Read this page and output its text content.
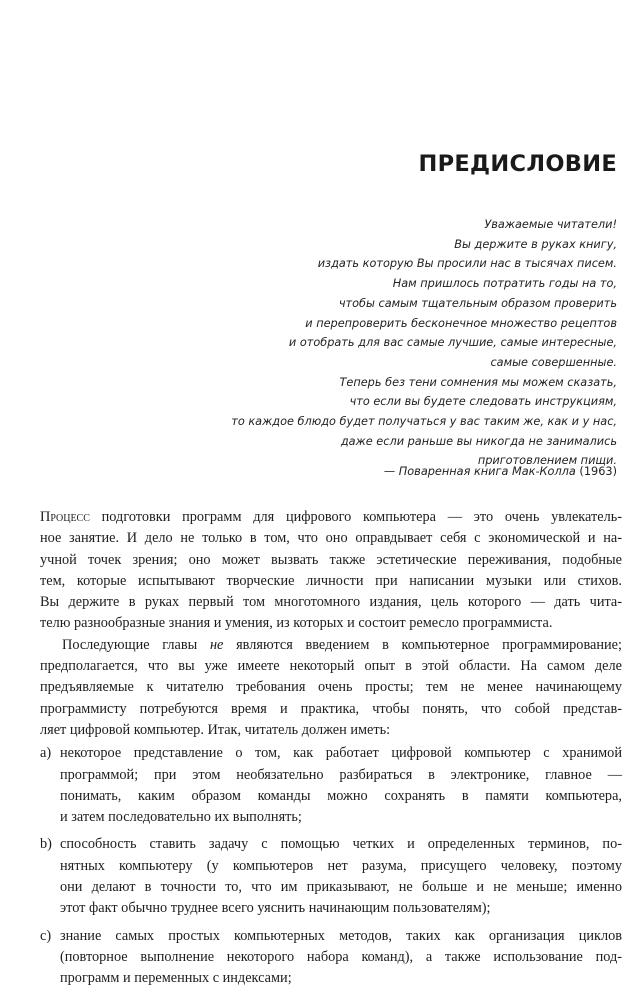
ПРЕДИСЛОВИЕ
Уважаемые читатели!
Вы держите в руках книгу,
издать которую Вы просили нас в тысячах писем.
Нам пришлось потратить годы на то,
чтобы самым тщательным образом проверить
и перепроверить бесконечное множество рецептов
и отобрать для вас самые лучшие, самые интересные,
самые совершенные.
Теперь без тени сомнения мы можем сказать,
что если вы будете следовать инструкциям,
то каждое блюдо будет получаться у вас таким же, как и у нас,
даже если раньше вы никогда не занимались
приготовлением пищи.
— Поваренная книга Мак-Колла (1963)
Процесс подготовки программ для цифрового компьютера — это очень увлекатель-
ное занятие. И дело не только в том, что оно оправдывает себя с экономической и на-
учной точек зрения; оно может вызвать также эстетические переживания, подобные
тем, которые испытывают творческие личности при написании музыки или стихов.
Вы держите в руках первый том многотомного издания, цель которого — дать чита-
телю разнообразные знания и умения, из которых и состоит ремесло программиста.
Последующие главы не являются введением в компьютерное программирование;
предполагается, что вы уже имеете некоторый опыт в этой области. На самом деле
предъявляемые к читателю требования очень просты; тем не менее начинающему
программисту потребуются время и практика, чтобы понять, что собой представ-
ляет цифровой компьютер. Итак, читатель должен иметь:
a) некоторое представление о том, как работает цифровой компьютер с хранимой
программой; при этом необязательно разбираться в электронике, главное —
понимать, каким образом команды можно сохранять в памяти компьютера,
и затем последовательно их выполнять;
b) способность ставить задачу с помощью четких и определенных терминов, по-
нятных компьютеру (у компьютеров нет разума, присущего человеку, поэтому
они делают в точности то, что им приказывают, не больше и не меньше; именно
этот факт обычно труднее всего уяснить начинающим пользователям);
c) знание самых простых компьютерных методов, таких как организация циклов
(повторное выполнение некоторого набора команд), а также использование под-
программ и переменных с индексами;
